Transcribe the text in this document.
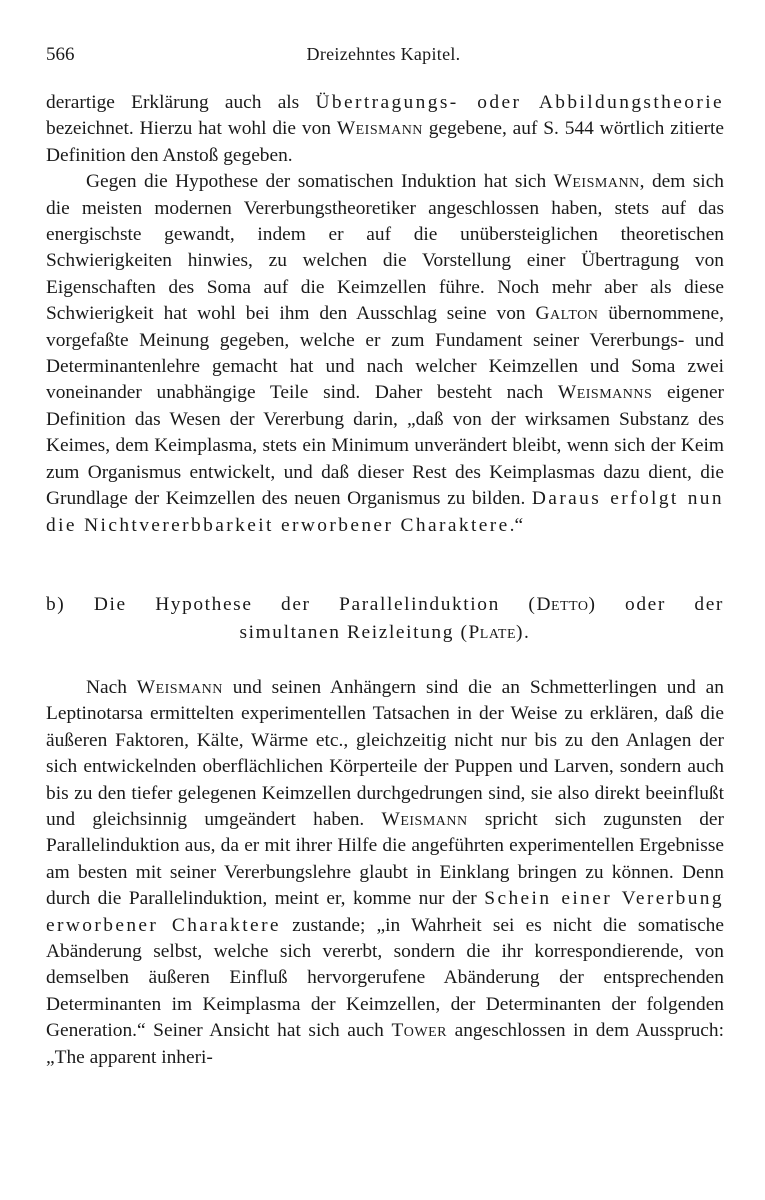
566	Dreizehntes Kapitel.

derartige Erklärung auch als Übertragungs- oder Abbildungstheorie bezeichnet. Hierzu hat wohl die von Weismann gegebene, auf S. 544 wörtlich zitierte Definition den Anstoß gegeben.

Gegen die Hypothese der somatischen Induktion hat sich Weismann, dem sich die meisten modernen Vererbungstheoretiker angeschlossen haben, stets auf das energischste gewandt, indem er auf die unübersteiglichen theoretischen Schwierigkeiten hinwies, zu welchen die Vorstellung einer Übertragung von Eigenschaften des Soma auf die Keimzellen führe. Noch mehr aber als diese Schwierigkeit hat wohl bei ihm den Ausschlag seine von Galton übernommene, vorgefaßte Meinung gegeben, welche er zum Fundament seiner Vererbungs- und Determinantenlehre gemacht hat und nach welcher Keimzellen und Soma zwei voneinander unabhängige Teile sind. Daher besteht nach Weismanns eigener Definition das Wesen der Vererbung darin, „daß von der wirksamen Substanz des Keimes, dem Keimplasma, stets ein Minimum unverändert bleibt, wenn sich der Keim zum Organismus entwickelt, und daß dieser Rest des Keimplasmas dazu dient, die Grundlage der Keimzellen des neuen Organismus zu bilden. Daraus erfolgt nun die Nichtvererbbarkeit erworbener Charaktere.“

b) Die Hypothese der Parallelinduktion (Detto) oder der
simultanen Reizleitung (Plate).

Nach Weismann und seinen Anhängern sind die an Schmetterlingen und an Leptinotarsa ermittelten experimentellen Tatsachen in der Weise zu erklären, daß die äußeren Faktoren, Kälte, Wärme etc., gleichzeitig nicht nur bis zu den Anlagen der sich entwickelnden oberflächlichen Körperteile der Puppen und Larven, sondern auch bis zu den tiefer gelegenen Keimzellen durchgedrungen sind, sie also direkt beeinflußt und gleichsinnig umgeändert haben. Weismann spricht sich zugunsten der Parallelinduktion aus, da er mit ihrer Hilfe die angeführten experimentellen Ergebnisse am besten mit seiner Vererbungslehre glaubt in Einklang bringen zu können. Denn durch die Parallelinduktion, meint er, komme nur der Schein einer Vererbung erworbener Charaktere zustande; „in Wahrheit sei es nicht die somatische Abänderung selbst, welche sich vererbt, sondern die ihr korrespondierende, von demselben äußeren Einfluß hervorgerufene Abänderung der entsprechenden Determinanten im Keimplasma der Keimzellen, der Determinanten der folgenden Generation.“ Seiner Ansicht hat sich auch Tower angeschlossen in dem Ausspruch: „The apparent inheri-
